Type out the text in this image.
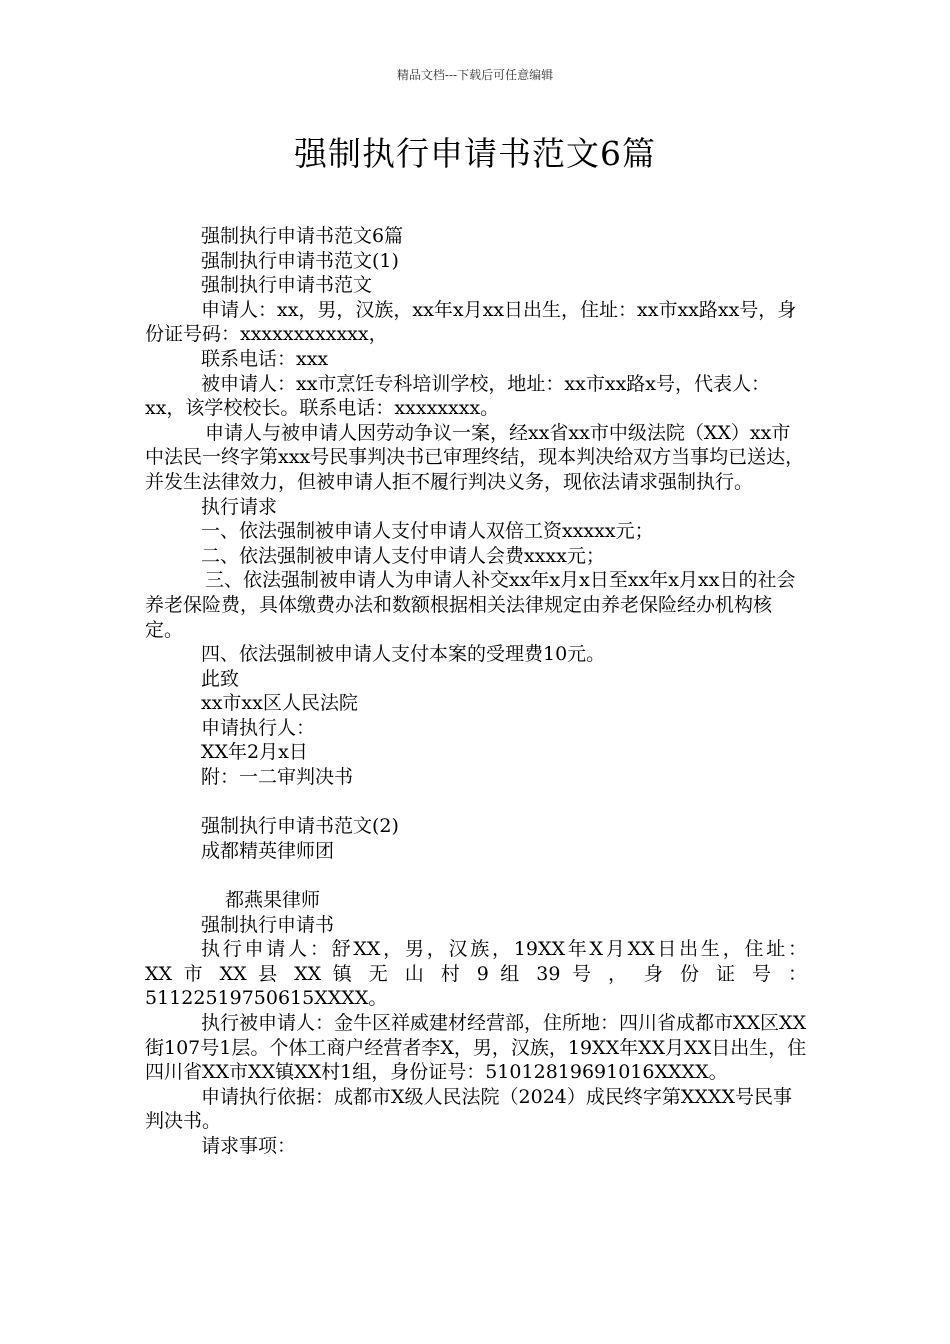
精品文档---下载后可任意编辑
强制执行申请书范文6篇

强制执行申请书范文6篇

强制执行申请书范文(1)

强制执行申请书范文

申请人：xx，男，汉族，xx年x月xx日出生，住址：xx市xx路xx号，身份证号码：xxxxxxxxxxxx，

联系电话：xxx

被申请人：xx市烹饪专科培训学校，地址：xx市xx路x号，代表人：xx，该学校校长。联系电话：xxxxxxxx。

申请人与被申请人因劳动争议一案，经xx省xx市中级法院（XX）xx市中法民一终字第xxx号民事判决书已审理终结，现本判决给双方当事均已送达，并发生法律效力，但被申请人拒不履行判决义务，现依法请求强制执行。

执行请求

一、依法强制被申请人支付申请人双倍工资xxxxx元；

二、依法强制被申请人支付申请人会费xxxx元；

三、依法强制被申请人为申请人补交xx年x月x日至xx年x月xx日的社会养老保险费，具体缴费办法和数额根据相关法律规定由养老保险经办机构核定。

四、依法强制被申请人支付本案的受理费10元。

此致

xx市xx区人民法院

申请执行人：

XX年2月x日

附：一二审判决书

强制执行申请书范文(2)

成都精英律师团

都燕果律师

强制执行申请书

执行申请人：舒XX，男，汉族，19XX年X月XX日出生，住址：

XX 市 XX 县 XX 镇 无 山 村 9 组 39 号 ， 身 份 证 号 ：

51122519750615XXXX。

执行被申请人：金牛区祥威建材经营部，住所地：四川省成都市XX区XX街107号1层。个体工商户经营者李X，男，汉族，19XX年XX月XX日出生，住四川省XX市XX镇XX村1组，身份证号：51012819691016XXXX。

申请执行依据：成都市X级人民法院（2024）成民终字第XXXX号民事判决书。

请求事项：
